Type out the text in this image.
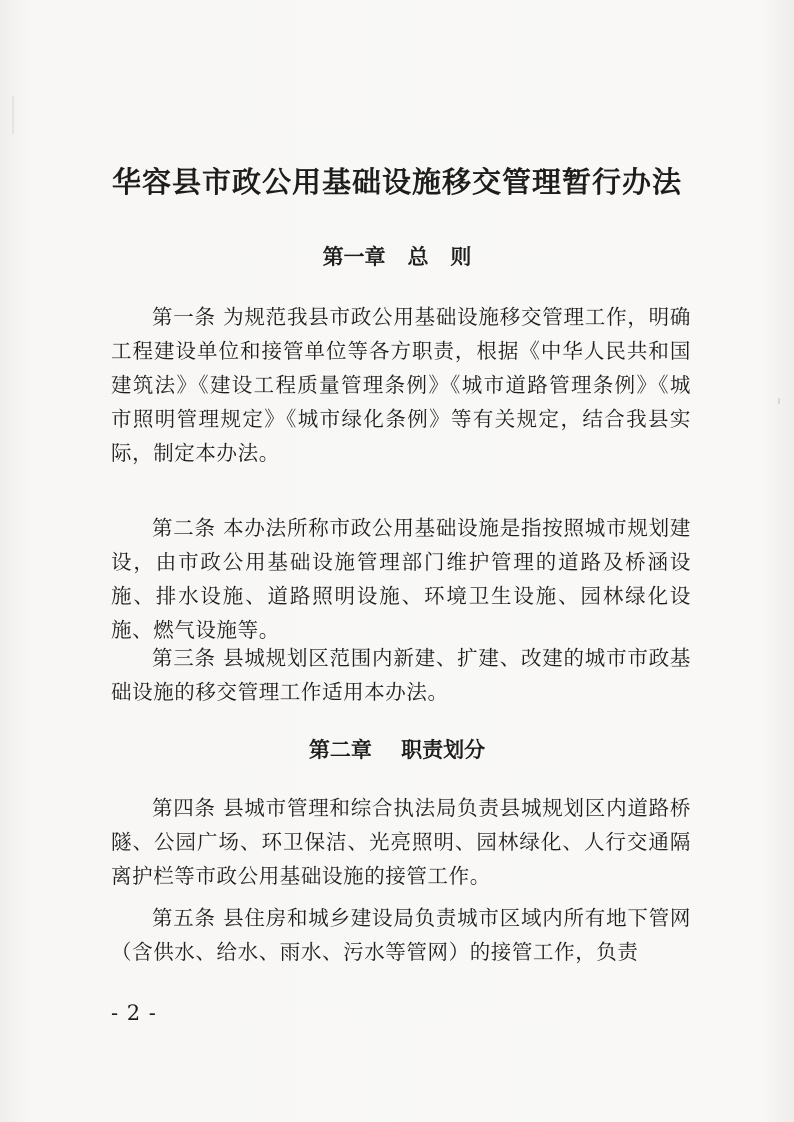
华容县市政公用基础设施移交管理暂行办法
第一章   总   则
第一条 为规范我县市政公用基础设施移交管理工作，明确工程建设单位和接管单位等各方职责，根据《中华人民共和国建筑法》《建设工程质量管理条例》《城市道路管理条例》《城市照明管理规定》《城市绿化条例》等有关规定，结合我县实际，制定本办法。
第二条 本办法所称市政公用基础设施是指按照城市规划建设，由市政公用基础设施管理部门维护管理的道路及桥涵设施、排水设施、道路照明设施、环境卫生设施、园林绿化设施、燃气设施等。
第三条 县城规划区范围内新建、扩建、改建的城市市政基础设施的移交管理工作适用本办法。
第二章    职责划分
第四条 县城市管理和综合执法局负责县城规划区内道路桥隧、公园广场、环卫保洁、光亮照明、园林绿化、人行交通隔离护栏等市政公用基础设施的接管工作。
第五条 县住房和城乡建设局负责城市区域内所有地下管网（含供水、给水、雨水、污水等管网）的接管工作，负责
- 2 -
